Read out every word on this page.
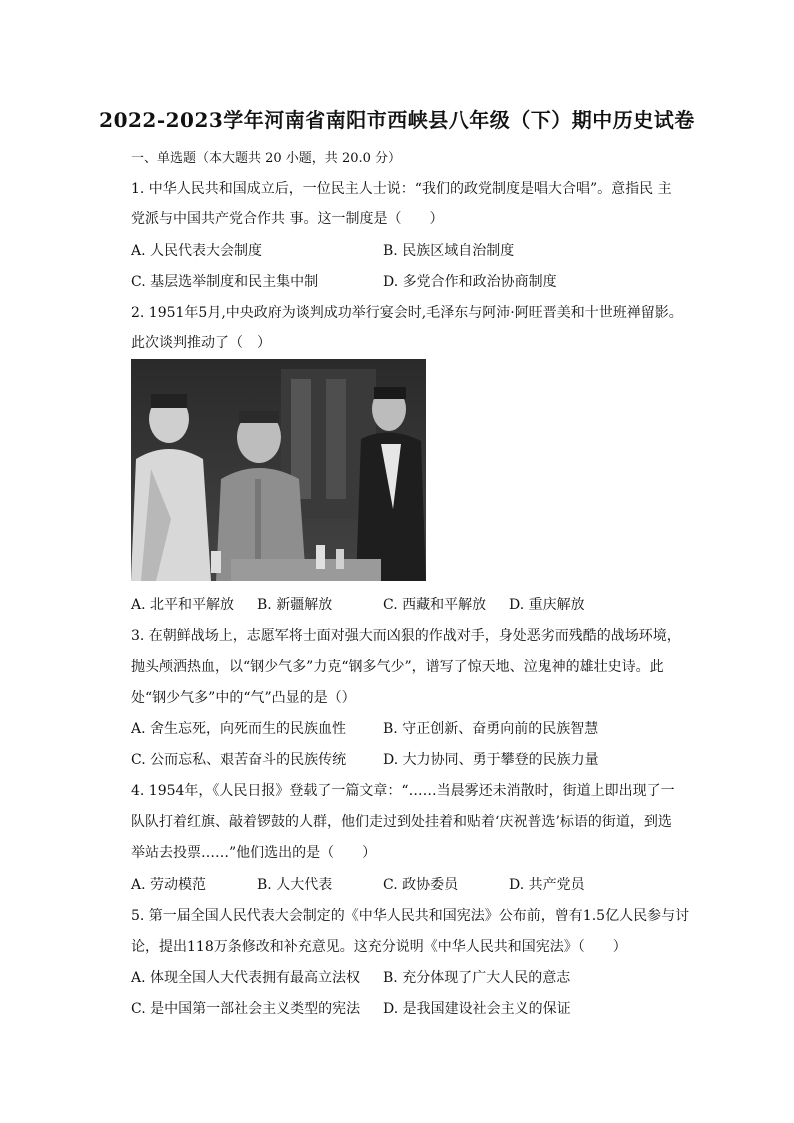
2022-2023学年河南省南阳市西峡县八年级（下）期中历史试卷
一、单选题（本大题共 20 小题，共 20.0 分）
1. 中华人民共和国成立后，一位民主人士说：“我们的政党制度是唱大合唱”。意指民 主
党派与中国共产党合作共 事。这一制度是（　　）
A. 人民代表大会制度	B. 民族区域自治制度
C. 基层选举制度和民主集中制	D. 多党合作和政治协商制度
2. 1951年5月,中央政府为谈判成功举行宴会时,毛泽东与阿沛·阿旺晋美和十世班禅留影。
此次谈判推动了（　）
A. 北平和平解放 B. 新疆解放	C. 西藏和平解放 D. 重庆解放
3. 在朝鲜战场上，志愿军将士面对强大而凶狠的作战对手，身处恶劣而残酷的战场环境，
抛头颅洒热血，以“钢少气多”力克“钢多气少”，谱写了惊天地、泣鬼神的雄壮史诗。此
处“钢少气多”中的“气”凸显的是（）
A. 舍生忘死，向死而生的民族血性	B. 守正创新、奋勇向前的民族智慧
C. 公而忘私、艰苦奋斗的民族传统	D. 大力协同、勇于攀登的民族力量
4. 1954年，《人民日报》登载了一篇文章：“……当晨雾还未消散时，街道上即出现了一
队队打着红旗、敲着锣鼓的人群，他们走过到处挂着和贴着‘庆祝普选’标语的街道，到选
举站去投票……”他们选出的是（　　）
A. 劳动模范	B. 人大代表	C. 政协委员	D. 共产党员
5. 第一届全国人民代表大会制定的《中华人民共和国宪法》公布前，曾有1.5亿人民参与讨
论，提出118万条修改和补充意见。这充分说明《中华人民共和国宪法》（　　）
A. 体现全国人大代表拥有最高立法权 B. 充分体现了广大人民的意志
C. 是中国第一部社会主义类型的宪法 D. 是我国建设社会主义的保证
